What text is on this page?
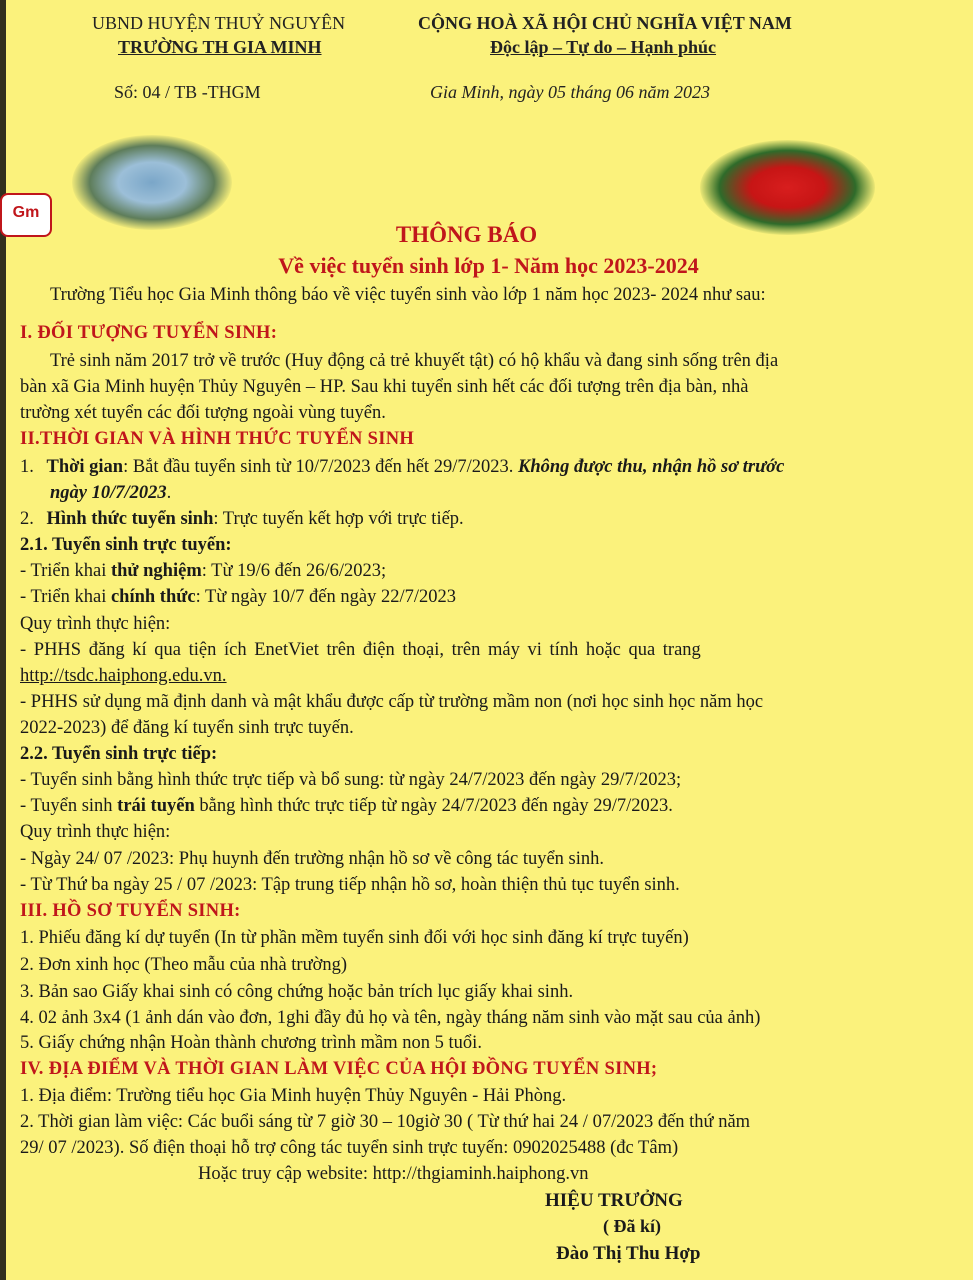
UBND HUYỆN THUỶ NGUYÊN
TRƯỜNG TH GIA MINH
CỘNG HOÀ XÃ HỘI CHỦ NGHĨA VIỆT NAM
Độc lập – Tự do – Hạnh phúc
Số: 04 / TB -THGM	Gia Minh, ngày 05 tháng 06 năm 2023
Gm
THÔNG BÁO
Về việc tuyển sinh lớp 1- Năm học 2023-2024
Trường Tiểu học Gia Minh thông báo về việc tuyển sinh vào lớp 1 năm học 2023- 2024 như sau:
I. ĐỐI TƯỢNG TUYỂN SINH:
Trẻ sinh năm 2017 trở về trước (Huy động cả trẻ khuyết tật) có hộ khẩu và đang sinh sống trên địa
bàn xã Gia Minh huyện Thủy Nguyên – HP. Sau khi tuyển sinh hết các đối tượng trên địa bàn, nhà
trường xét tuyển các đối tượng ngoài vùng tuyển.
II.THỜI GIAN VÀ HÌNH THỨC TUYỂN SINH
1. Thời gian: Bắt đầu tuyển sinh từ 10/7/2023 đến hết 29/7/2023. Không được thu, nhận hồ sơ trước
ngày 10/7/2023.
2. Hình thức tuyển sinh: Trực tuyến kết hợp với trực tiếp.
2.1. Tuyển sinh trực tuyến:
- Triển khai thử nghiệm: Từ 19/6 đến 26/6/2023;
- Triển khai chính thức: Từ ngày 10/7 đến ngày 22/7/2023
Quy trình thực hiện:
- PHHS đăng kí qua tiện ích EnetViet trên điện thoại, trên máy vi tính hoặc qua trang
http://tsdc.haiphong.edu.vn.
- PHHS sử dụng mã định danh và mật khẩu được cấp từ trường mầm non (nơi học sinh học năm học
2022-2023) để đăng kí tuyển sinh trực tuyến.
2.2. Tuyển sinh trực tiếp:
- Tuyển sinh bằng hình thức trực tiếp và bổ sung: từ ngày 24/7/2023 đến ngày 29/7/2023;
- Tuyển sinh trái tuyến bằng hình thức trực tiếp từ ngày 24/7/2023 đến ngày 29/7/2023.
Quy trình thực hiện:
- Ngày 24/ 07 /2023: Phụ huynh đến trường nhận hồ sơ về công tác tuyển sinh.
- Từ Thứ ba ngày 25 / 07 /2023: Tập trung tiếp nhận hồ sơ, hoàn thiện thủ tục tuyển sinh.
III. HỒ SƠ TUYỂN SINH:
1. Phiếu đăng kí dự tuyển (In từ phần mềm tuyển sinh đối với học sinh đăng kí trực tuyến)
2. Đơn xinh học (Theo mẫu của nhà trường)
3. Bản sao Giấy khai sinh có công chứng hoặc bản trích lục giấy khai sinh.
4. 02 ảnh 3x4 (1 ảnh dán vào đơn, 1ghi đầy đủ họ và tên, ngày tháng năm sinh vào mặt sau của ảnh)
5. Giấy chứng nhận Hoàn thành chương trình mầm non 5 tuổi.
IV. ĐỊA ĐIỂM VÀ THỜI GIAN LÀM VIỆC CỦA HỘI ĐỒNG TUYỂN SINH;
1. Địa điểm: Trường tiểu học Gia Minh huyện Thủy Nguyên - Hải Phòng.
2. Thời gian làm việc: Các buổi sáng từ 7 giờ 30 – 10giờ 30 ( Từ thứ hai 24 / 07/2023 đến thứ năm
29/ 07 /2023). Số điện thoại hỗ trợ công tác tuyển sinh trực tuyến: 0902025488 (đc Tâm)
Hoặc truy cập website: http://thgiaminh.haiphong.vn
HIỆU TRƯỞNG
( Đã kí)
Đào Thị Thu Hợp
